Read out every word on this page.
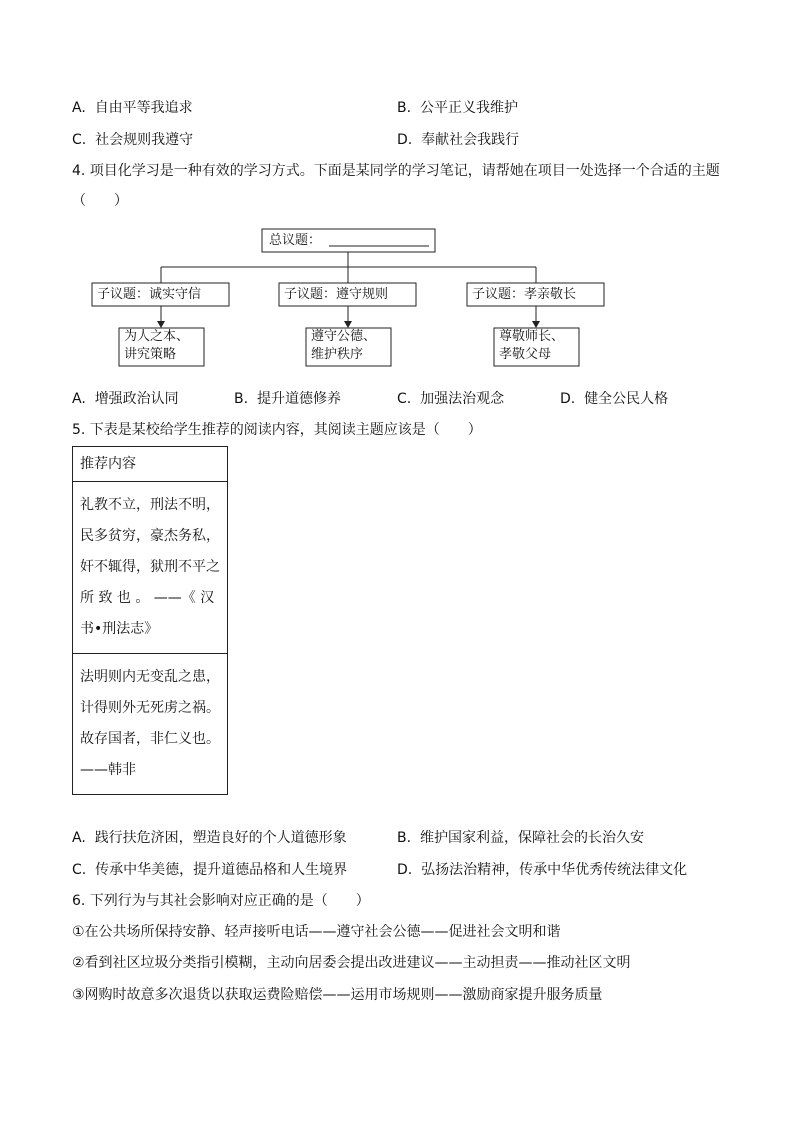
A. 自由平等我追求	B. 公平正义我维护
C. 社会规则我遵守	D. 奉献社会我践行
4. 项目化学习是一种有效的学习方式。下面是某同学的学习笔记，请帮她在项目一处选择一个合适的主题
（　　）
总议题：
子议题：诚实守信	子议题：遵守规则	子议题：孝亲敬长
为人之本、
讲究策略
遵守公德、
维护秩序
尊敬师长、
孝敬父母
A. 增强政治认同	B. 提升道德修养	C. 加强法治观念	D. 健全公民人格
5. 下表是某校给学生推荐的阅读内容，其阅读主题应该是（　　）
推荐内容

礼教不立，刑法不明，
民多贫穷，豪杰务私，
奸不辄得，狱刑不平之
所 致 也 。 ——《 汉
书•刑法志》

法明则内无变乱之患，
计得则外无死虏之祸。
故存国者，非仁义也。
——韩非
A. 践行扶危济困，塑造良好的个人道德形象	B. 维护国家利益，保障社会的长治久安
C. 传承中华美德，提升道德品格和人生境界	D. 弘扬法治精神，传承中华优秀传统法律文化
6. 下列行为与其社会影响对应正确的是（　　）
①在公共场所保持安静、轻声接听电话——遵守社会公德——促进社会文明和谐
②看到社区垃圾分类指引模糊，主动向居委会提出改进建议——主动担责——推动社区文明
③网购时故意多次退货以获取运费险赔偿——运用市场规则——激励商家提升服务质量
